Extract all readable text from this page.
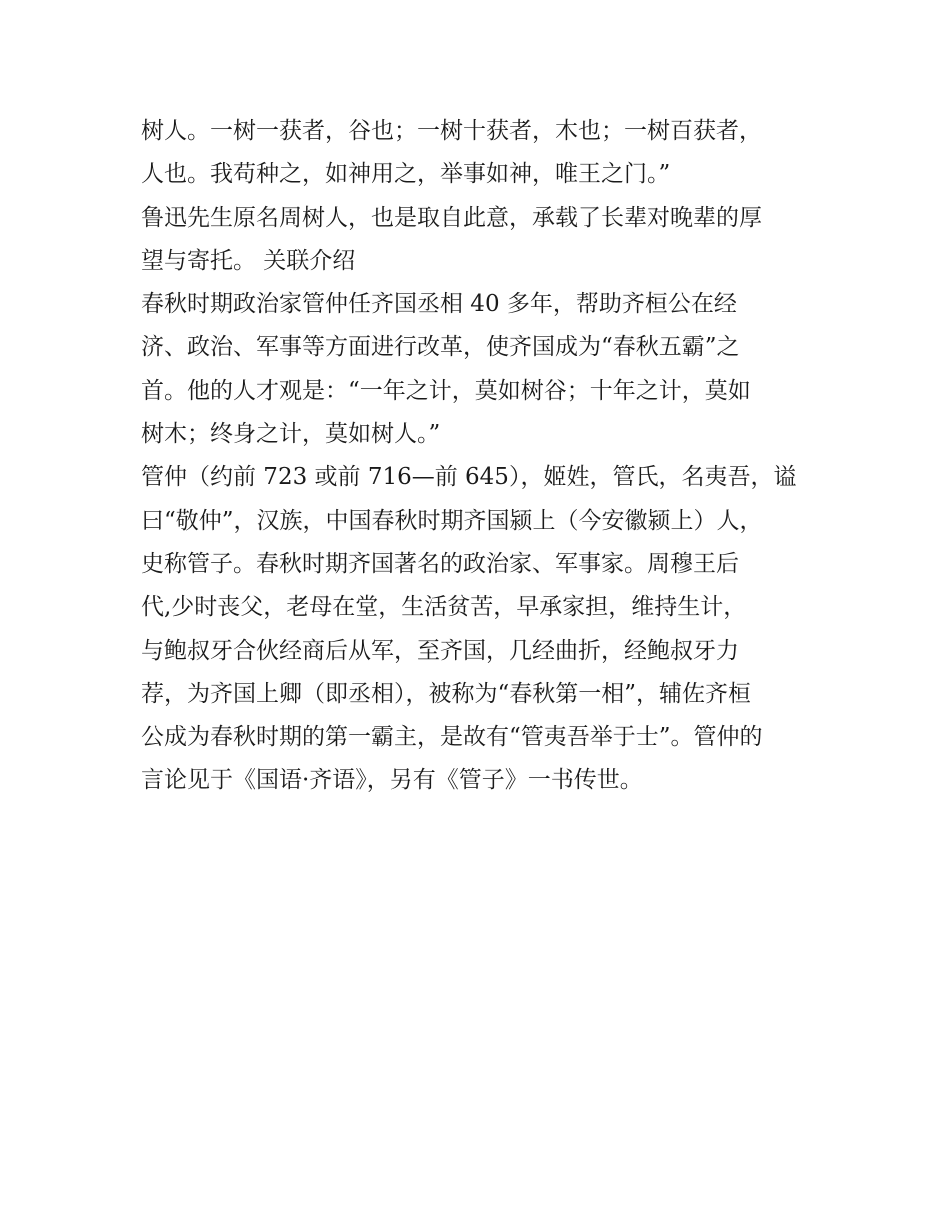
树人。一树一获者，谷也；一树十获者，木也；一树百获者，
人也。我苟种之，如神用之，举事如神，唯王之门。”

鲁迅先生原名周树人，也是取自此意，承载了长辈对晚辈的厚
望与寄托。 关联介绍

春秋时期政治家管仲任齐国丞相 40 多年，帮助齐桓公在经
济、政治、军事等方面进行改革，使齐国成为“春秋五霸”之
首。他的人才观是：“一年之计，莫如树谷；十年之计，莫如
树木；终身之计，莫如树人。”

管仲（约前 723 或前 716—前 645），姬姓，管氏，名夷吾，谥
曰“敬仲”，汉族，中国春秋时期齐国颍上（今安徽颍上）人，
史称管子。春秋时期齐国著名的政治家、军事家。周穆王后
代,少时丧父，老母在堂，生活贫苦，早承家担，维持生计，
与鲍叔牙合伙经商后从军，至齐国，几经曲折，经鲍叔牙力
荐，为齐国上卿（即丞相），被称为“春秋第一相”，辅佐齐桓
公成为春秋时期的第一霸主，是故有“管夷吾举于士”。管仲的
言论见于《国语·齐语》，另有《管子》一书传世。
